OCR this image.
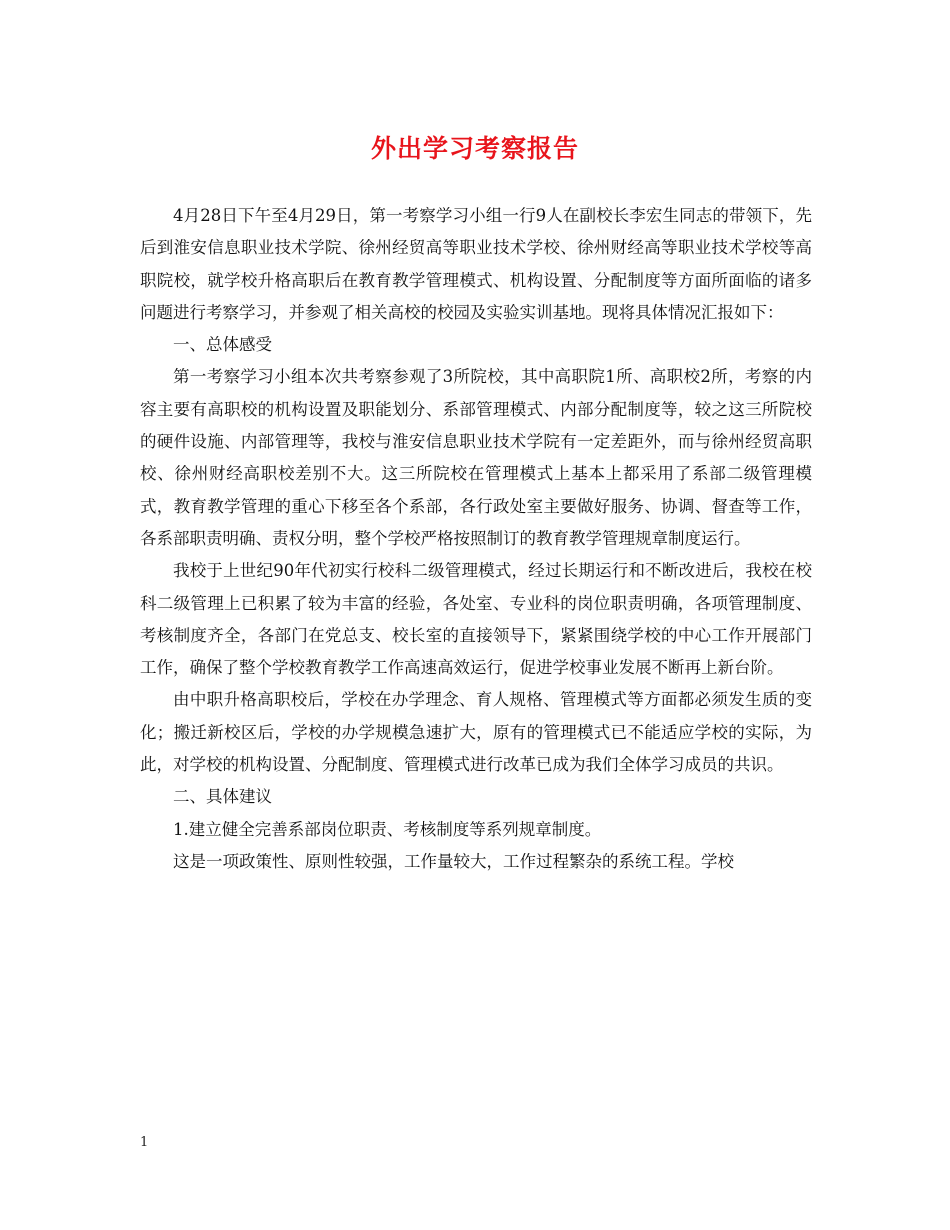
外出学习考察报告

4月28日下午至4月29日，第一考察学习小组一行9人在副校长李宏生同志的带领下，先后到淮安信息职业技术学院、徐州经贸高等职业技术学校、徐州财经高等职业技术学校等高职院校，就学校升格高职后在教育教学管理模式、机构设置、分配制度等方面所面临的诸多问题进行考察学习，并参观了相关高校的校园及实验实训基地。现将具体情况汇报如下：

一、总体感受

第一考察学习小组本次共考察参观了3所院校，其中高职院1所、高职校2所，考察的内容主要有高职校的机构设置及职能划分、系部管理模式、内部分配制度等，较之这三所院校的硬件设施、内部管理等，我校与淮安信息职业技术学院有一定差距外，而与徐州经贸高职校、徐州财经高职校差别不大。这三所院校在管理模式上基本上都采用了系部二级管理模式，教育教学管理的重心下移至各个系部，各行政处室主要做好服务、协调、督查等工作，各系部职责明确、责权分明，整个学校严格按照制订的教育教学管理规章制度运行。

我校于上世纪90年代初实行校科二级管理模式，经过长期运行和不断改进后，我校在校科二级管理上已积累了较为丰富的经验，各处室、专业科的岗位职责明确，各项管理制度、考核制度齐全，各部门在党总支、校长室的直接领导下，紧紧围绕学校的中心工作开展部门工作，确保了整个学校教育教学工作高速高效运行，促进学校事业发展不断再上新台阶。

由中职升格高职校后，学校在办学理念、育人规格、管理模式等方面都必须发生质的变化；搬迁新校区后，学校的办学规模急速扩大，原有的管理模式已不能适应学校的实际，为此，对学校的机构设置、分配制度、管理模式进行改革已成为我们全体学习成员的共识。

二、具体建议

1.建立健全完善系部岗位职责、考核制度等系列规章制度。

这是一项政策性、原则性较强，工作量较大，工作过程繁杂的系统工程。学校

1
